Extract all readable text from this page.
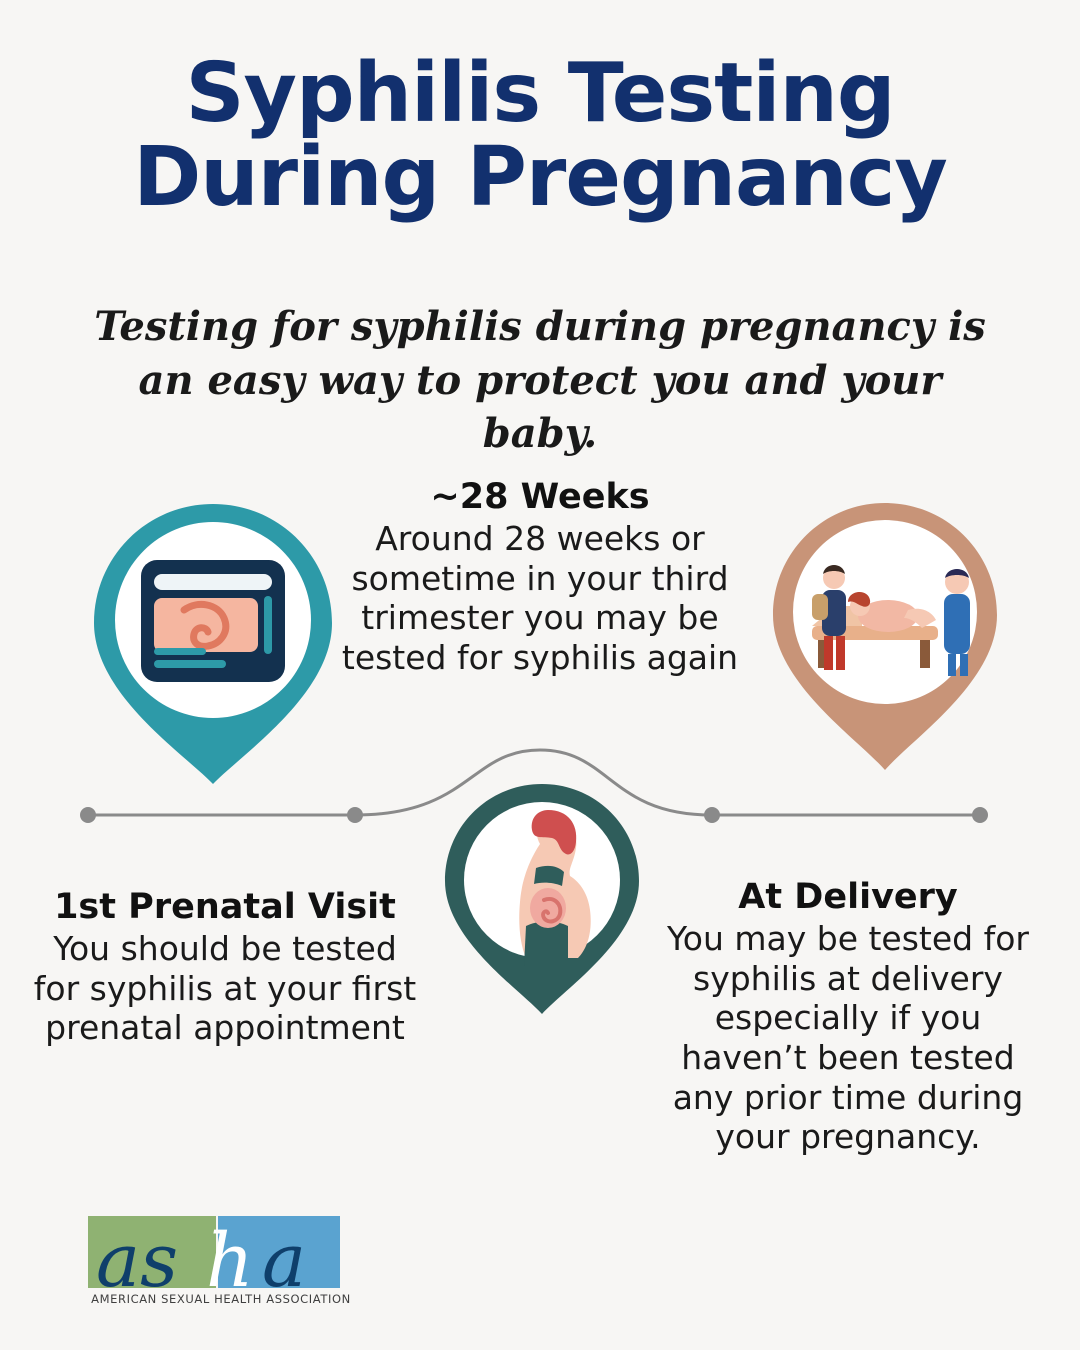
Syphilis Testing
During Pregnancy
Testing for syphilis during pregnancy is an easy way to protect you and your baby.
~28 Weeks
Around 28 weeks or sometime in your third trimester you may be tested for syphilis again
1st Prenatal Visit
You should be tested for syphilis at your first prenatal appointment
At Delivery
You may be tested for syphilis at delivery especially if you haven’t been tested any prior time during your pregnancy.
as h a
AMERICAN SEXUAL HEALTH ASSOCIATION
